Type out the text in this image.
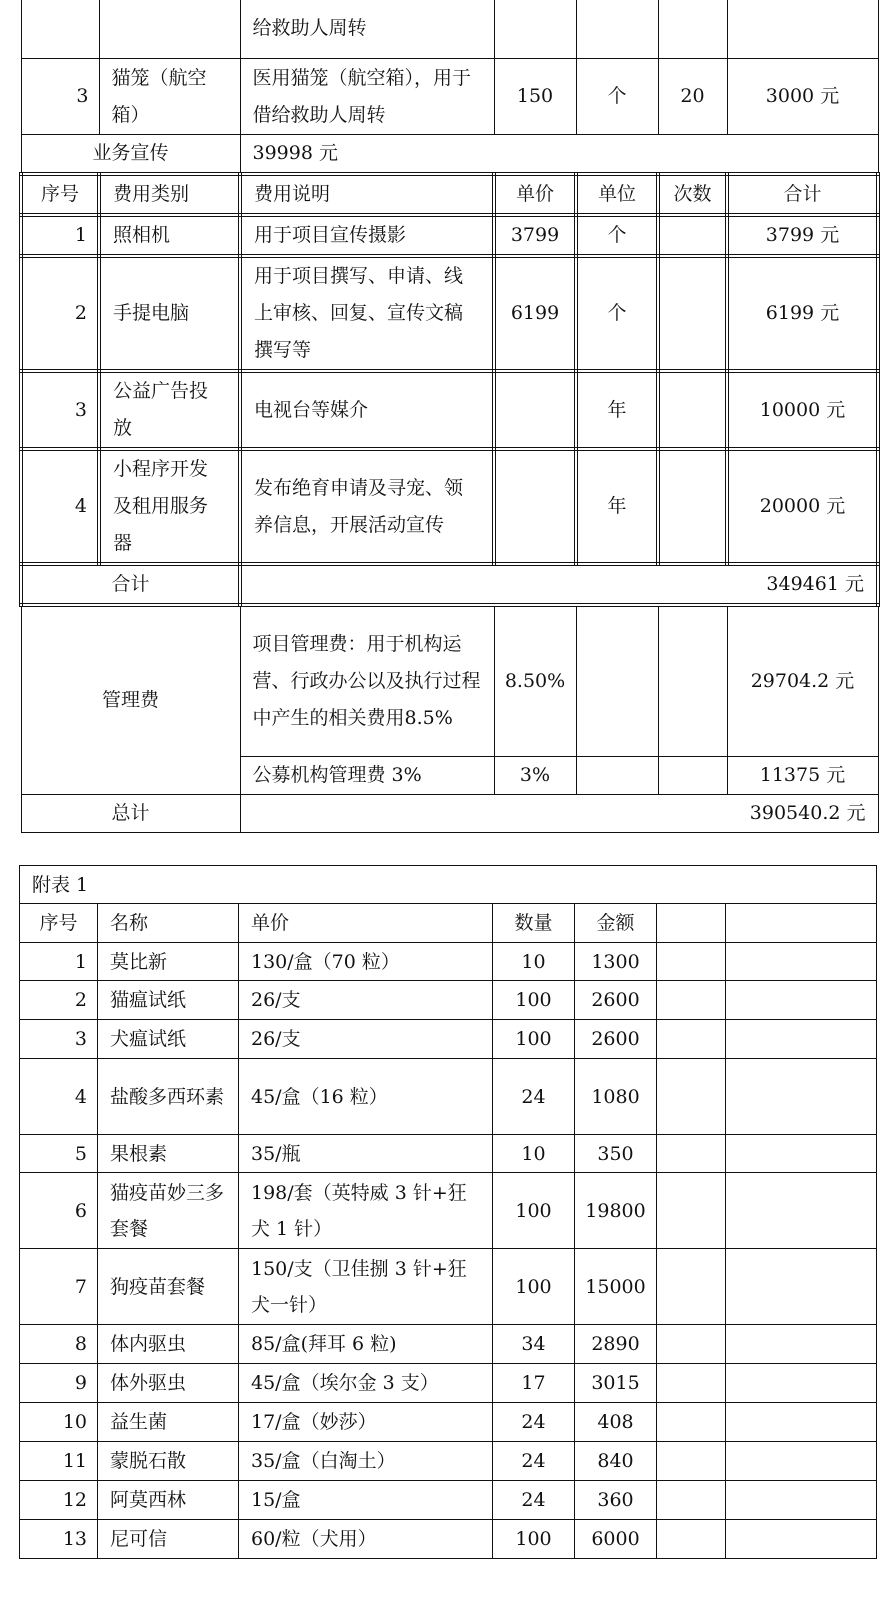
		给救助人周转				
3	猫笼（航空箱）	医用猫笼（航空箱），用于借给救助人周转	150	个	20	3000 元
业务宣传		39998 元				
序号	费用类别	费用说明	单价	单位	次数	合计
1	照相机	用于项目宣传摄影	3799	个		3799 元
2	手提电脑	用于项目撰写、申请、线上审核、回复、宣传文稿撰写等	6199	个		6199 元
3	公益广告投放	电视台等媒介		年		10000 元
4	小程序开发及租用服务器	发布绝育申请及寻宠、领养信息，开展活动宣传		年		20000 元
合计		349461 元				
管理费		项目管理费：用于机构运营、行政办公以及执行过程中产生的相关费用8.5%	8.50%			29704.2 元
		公募机构管理费 3%	3%			11375 元
总计		390540.2 元				
附表 1						
序号	名称	单价	数量	金额		
1	莫比新	130/盒（70 粒）	10	1300		
2	猫瘟试纸	26/支	100	2600		
3	犬瘟试纸	26/支	100	2600		
4	盐酸多西环素	45/盒（16 粒）	24	1080		
5	果根素	35/瓶	10	350		
6	猫疫苗妙三多套餐	198/套（英特威 3 针+狂犬 1 针）	100	19800		
7	狗疫苗套餐	150/支（卫佳捌 3 针+狂犬一针）	100	15000		
8	体内驱虫	85/盒(拜耳 6 粒)	34	2890		
9	体外驱虫	45/盒（埃尔金 3 支）	17	3015		
10	益生菌	17/盒（妙莎）	24	408		
11	蒙脱石散	35/盒（白淘土）	24	840		
12	阿莫西林	15/盒	24	360		
13	尼可信	60/粒（犬用）	100	6000		
